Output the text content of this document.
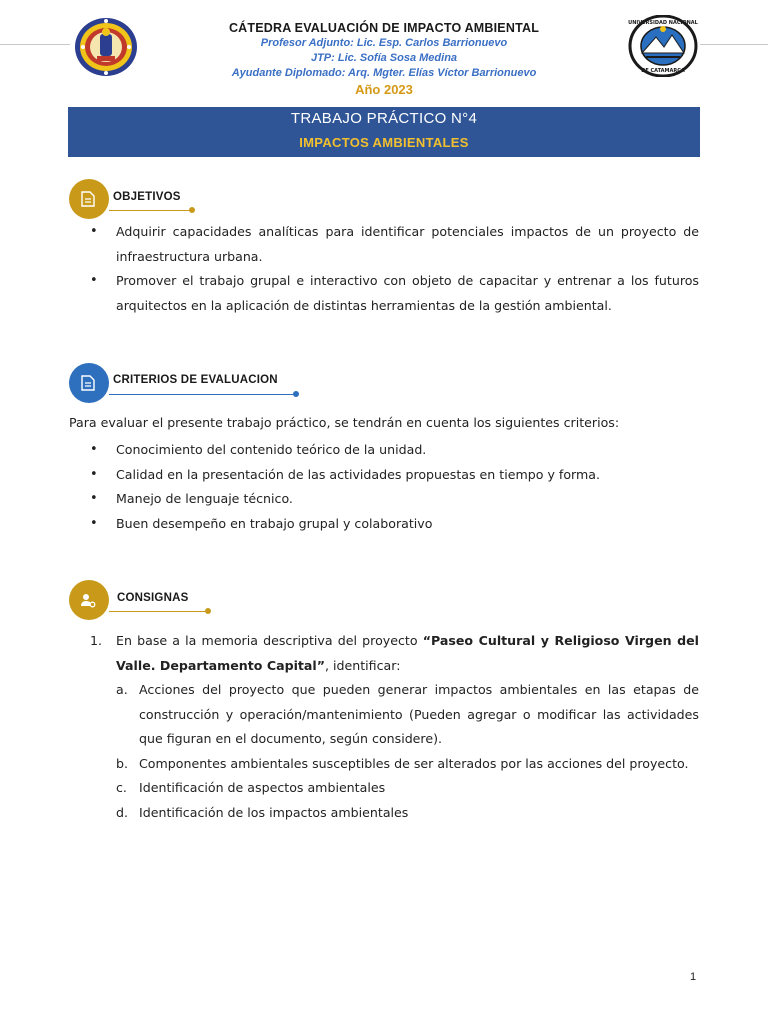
CÁTEDRA EVALUACIÓN DE IMPACTO AMBIENTAL
Profesor Adjunto: Lic. Esp. Carlos Barrionuevo
JTP: Lic. Sofía Sosa Medina
Ayudante Diplomado: Arq. Mgter. Elías Víctor Barrionuevo
Año 2023
UNIVERSIDAD NACIONAL
DE CATAMARCA
TRABAJO PRÁCTICO N°4
IMPACTOS AMBIENTALES
OBJETIVOS
• Adquirir capacidades analíticas para identificar potenciales impactos de un proyecto de infraestructura urbana.
• Promover el trabajo grupal e interactivo con objeto de capacitar y entrenar a los futuros arquitectos en la aplicación de distintas herramientas de la gestión ambiental.
CRITERIOS DE EVALUACION
Para evaluar el presente trabajo práctico, se tendrán en cuenta los siguientes criterios:
• Conocimiento del contenido teórico de la unidad.
• Calidad en la presentación de las actividades propuestas en tiempo y forma.
• Manejo de lenguaje técnico.
• Buen desempeño en trabajo grupal y colaborativo
CONSIGNAS
1. En base a la memoria descriptiva del proyecto “Paseo Cultural y Religioso Virgen del Valle. Departamento Capital”, identificar:
a. Acciones del proyecto que pueden generar impactos ambientales en las etapas de construcción y operación/mantenimiento (Pueden agregar o modificar las actividades que figuran en el documento, según considere).
b. Componentes ambientales susceptibles de ser alterados por las acciones del proyecto.
c. Identificación de aspectos ambientales
d. Identificación de los impactos ambientales
1
